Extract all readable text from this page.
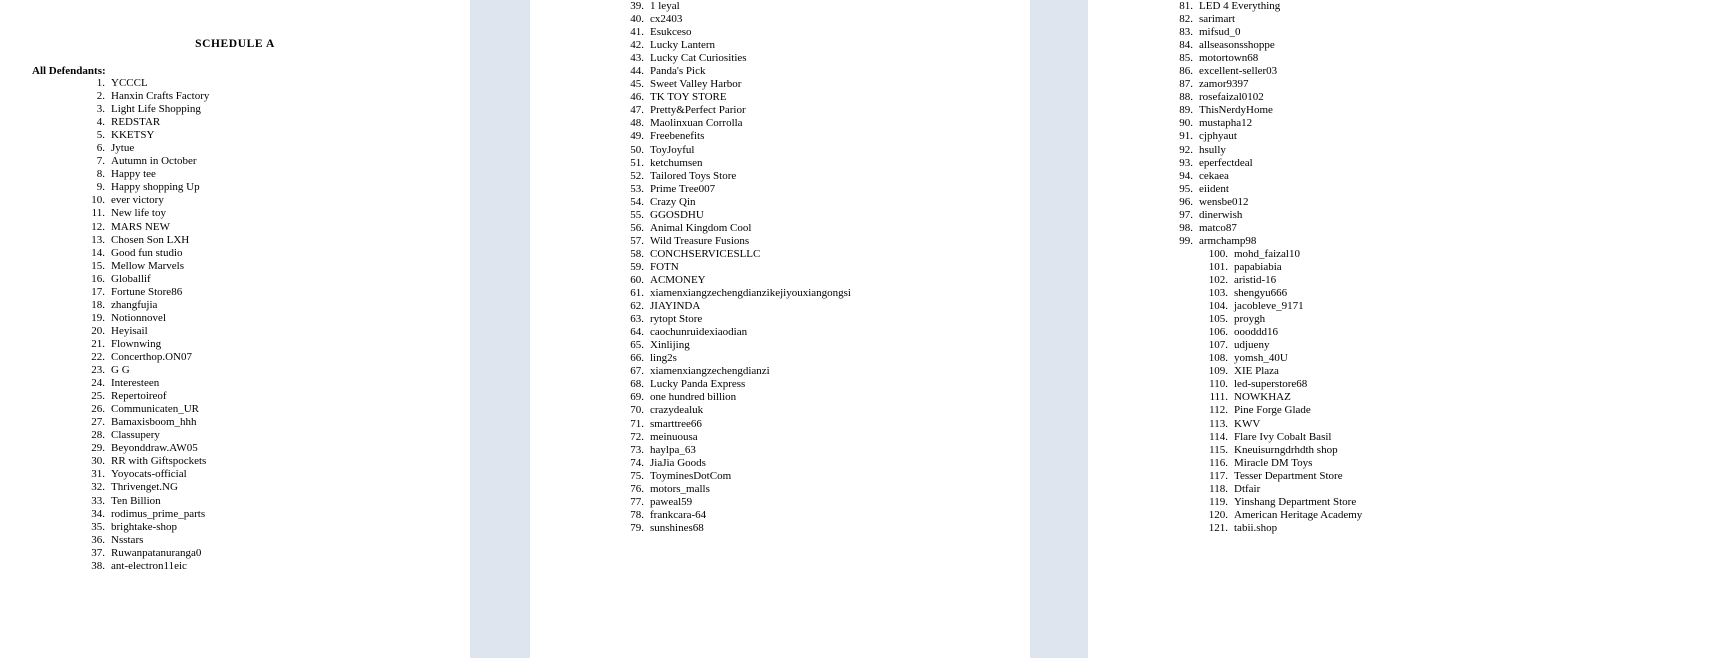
SCHEDULE A
All Defendants:
1. YCCCL
2. Hanxin Crafts Factory
3. Light Life Shopping
4. REDSTAR
5. KKETSY
6. Jytue
7. Autumn in October
8. Happy tee
9. Happy shopping Up
10. ever victory
11. New life toy
12. MARS NEW
13. Chosen Son LXH
14. Good fun studio
15. Mellow Marvels
16. Globallif
17. Fortune Store86
18. zhangfujia
19. Notionnovel
20. Heyisail
21. Flownwing
22. Concerthop.ON07
23. G G
24. Interesteen
25. Repertoireof
26. Communicaten_UR
27. Bamaxisboom_hhh
28. Classupery
29. Beyonddraw.AW05
30. RR with Giftspockets
31. Yoyocats-official
32. Thrivenget.NG
33. Ten Billion
34. rodimus_prime_parts
35. brightake-shop
36. Nsstars
37. Ruwanpatanuranga0
38. ant-electron11eic
39. 1 leyal
40. cx2403
41. Esukceso
42. Lucky Lantern
43. Lucky Cat Curiosities
44. Panda's Pick
45. Sweet Valley Harbor
46. TK TOY STORE
47. Pretty&Perfect Parior
48. Maolinxuan Corrolla
49. Freebenefits
50. ToyJoyful
51. ketchumsen
52. Tailored Toys Store
53. Prime Tree007
54. Crazy Qin
55. GGOSDHU
56. Animal Kingdom Cool
57. Wild Treasure Fusions
58. CONCHSERVICESLLC
59. FOTN
60. ACMONEY
61. xiamenxiangzechengdianzikejiyouxiangongsi
62. JIAYINDA
63. rytopt Store
64. caochunruidexiaodian
65. Xinlijing
66. ling2s
67. xiamenxiangzechengdianzi
68. Lucky Panda Express
69. one hundred billion
70. crazydealuk
71. smarttree66
72. meinuousa
73. haylpa_63
74. JiaJia Goods
75. ToyminesDotCom
76. motors_malls
77. paweal59
78. frankcara-64
79. sunshines68
81. LED 4 Everything
82. sarimart
83. mifsud_0
84. allseasonsshoppe
85. motortown68
86. excellent-seller03
87. zamor9397
88. rosefaizal0102
89. ThisNerdyHome
90. mustapha12
91. cjphyaut
92. hsully
93. eperfectdeal
94. cekaea
95. eiident
96. wensbe012
97. dinerwish
98. matco87
99. armchamp98
100. mohd_faizal10
101. papabiabia
102. aristid-16
103. shengyu666
104. jacobleve_9171
105. proygh
106. oooddd16
107. udjueny
108. yomsh_40U
109. XIE Plaza
110. led-superstore68
111. NOWKHAZ
112. Pine Forge Glade
113. KWV
114. Flare Ivy Cobalt Basil
115. Kneuisurngdrhdth shop
116. Miracle DM Toys
117. Tesser Department Store
118. Dtfair
119. Yinshang Department Store
120. American Heritage Academy
121. tabii.shop
